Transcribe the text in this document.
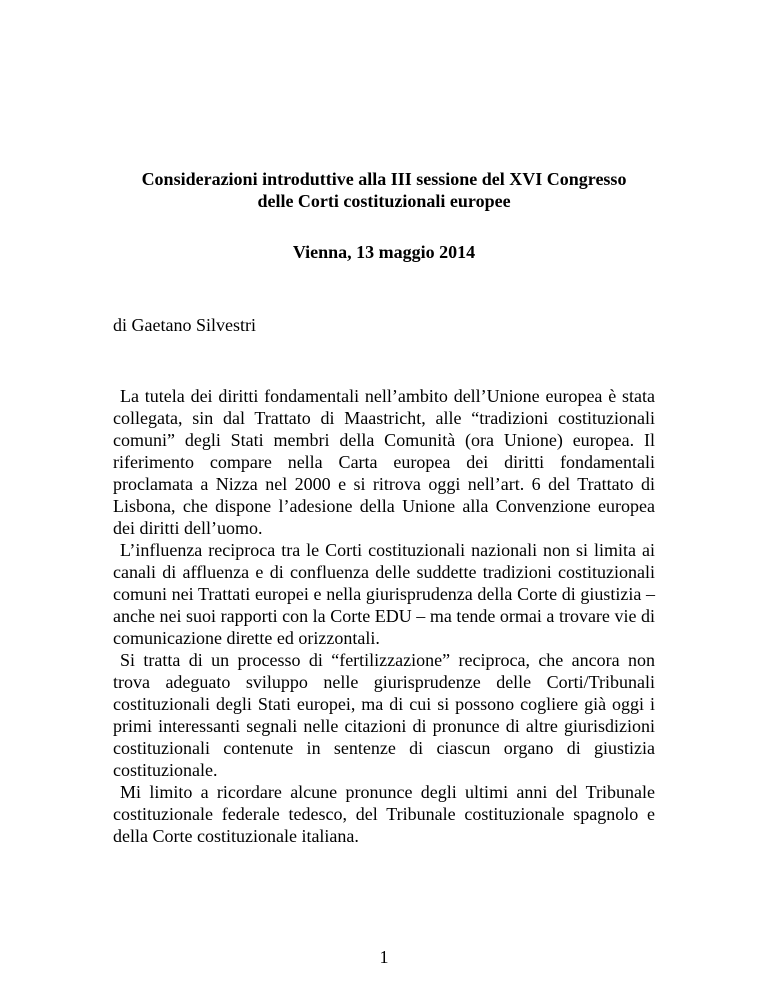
Considerazioni introduttive alla III sessione del XVI Congresso
delle Corti costituzionali europee
Vienna, 13 maggio 2014
di Gaetano Silvestri

La tutela dei diritti fondamentali nell’ambito dell’Unione europea è stata collegata, sin dal Trattato di Maastricht, alle “tradizioni costituzionali comuni” degli Stati membri della Comunità (ora Unione) europea. Il riferimento compare nella Carta europea dei diritti fondamentali proclamata a Nizza nel 2000 e si ritrova oggi nell’art. 6 del Trattato di Lisbona, che dispone l’adesione della Unione alla Convenzione europea dei diritti dell’uomo.

L’influenza reciproca tra le Corti costituzionali nazionali non si limita ai canali di affluenza e di confluenza delle suddette tradizioni costituzionali comuni nei Trattati europei e nella giurisprudenza della Corte di giustizia – anche nei suoi rapporti con la Corte EDU – ma tende ormai a trovare vie di comunicazione dirette ed orizzontali.

Si tratta di un processo di “fertilizzazione” reciproca, che ancora non trova adeguato sviluppo nelle giurisprudenze delle Corti/Tribunali costituzionali degli Stati europei, ma di cui si possono cogliere già oggi i primi interessanti segnali nelle citazioni di pronunce di altre giurisdizioni costituzionali contenute in sentenze di ciascun organo di giustizia costituzionale.

Mi limito a ricordare alcune pronunce degli ultimi anni del Tribunale costituzionale federale tedesco, del Tribunale costituzionale spagnolo e della Corte costituzionale italiana.

1
